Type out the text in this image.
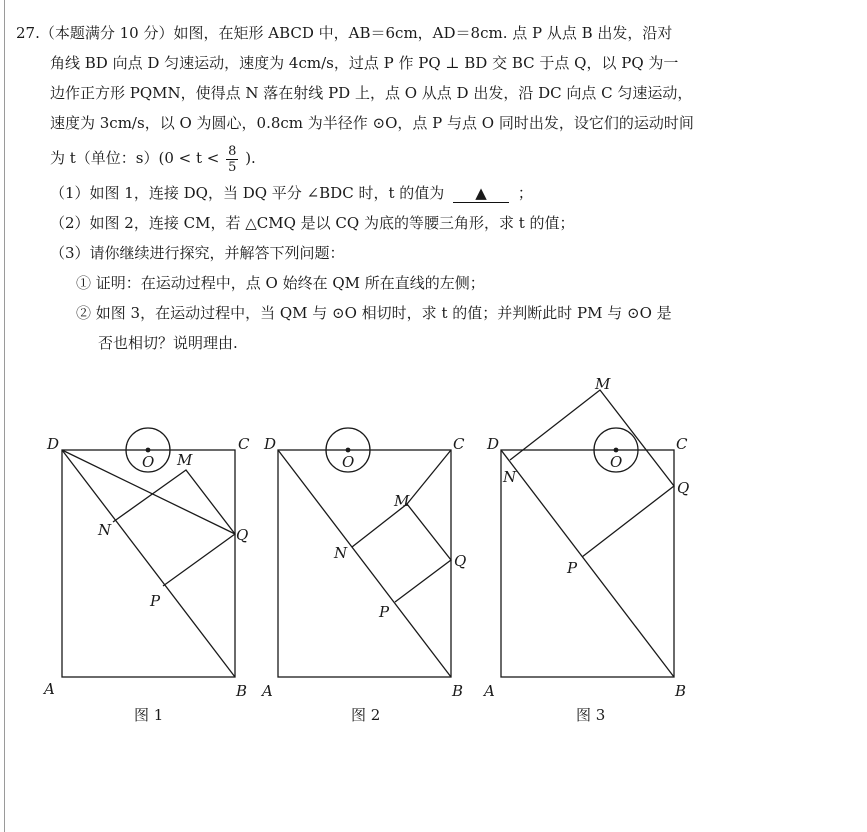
27.（本题满分 10 分）如图，在矩形 ABCD 中，AB＝6cm，AD＝8cm. 点 P 从点 B 出发，沿对
角线 BD 向点 D 匀速运动，速度为 4cm/s，过点 P 作 PQ ⊥ BD 交 BC 于点 Q，以 PQ 为一
边作正方形 PQMN，使得点 N 落在射线 PD 上，点 O 从点 D 出发，沿 DC 向点 C 匀速运动，
速度为 3cm/s，以 O 为圆心，0.8cm 为半径作 ⊙O，点 P 与点 O 同时出发，设它们的运动时间
为 t（单位：$s)(0 < t < \frac{8}{5}$ ).
（1）如图 1，连接 DQ，当 DQ 平分 ∠BDC 时，t 的值为 ▲ ；
（2）如图 2，连接 CM，若 △CMQ 是以 CQ 为底的等腰三角形，求 t 的值；
（3）请你继续进行探究，并解答下列问题：
① 证明：在运动过程中，点 O 始终在 QM 所在直线的左侧；
② 如图 3，在运动过程中，当 QM 与 ⊙O 相切时，求 t 的值；并判断此时 PM 与 ⊙O 是
否也相切？说明理由.
D	C
A	B
O M
N	Q
P
A
D	C
B
O
M
N	Q
P
A
D	C
B
O
M
N
Q
P
图 1	图 2	图 3
